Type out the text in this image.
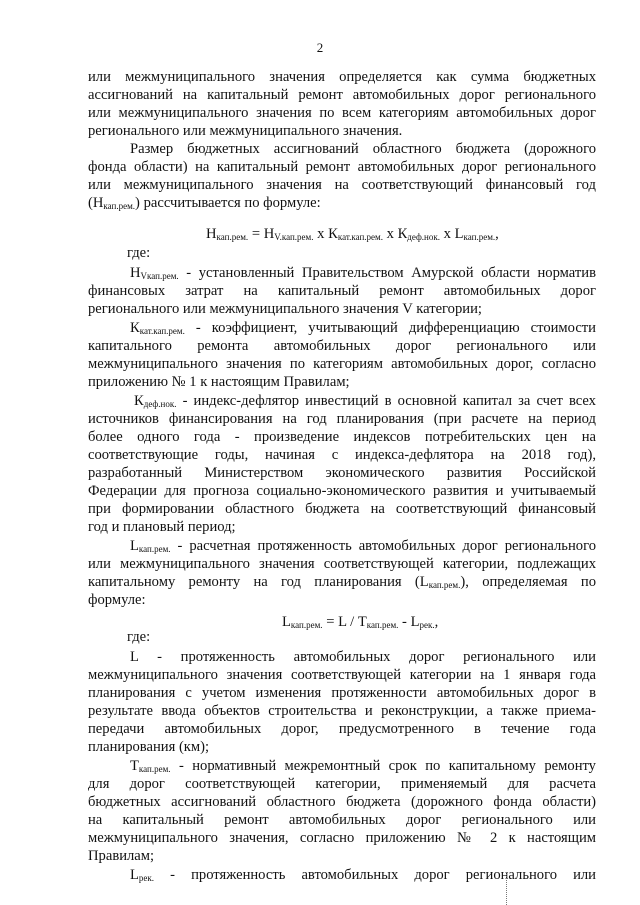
2
или межмуниципального значения определяется как сумма бюджетных
ассигнований на капитальный ремонт автомобильных дорог регионального
или межмуниципального значения по всем категориям автомобильных дорог
регионального или межмуниципального значения.
Размер бюджетных ассигнований областного бюджета (дорожного
фонда области) на капитальный ремонт автомобильных дорог регионального
или межмуниципального значения на соответствующий финансовый год
$(Н_{кап.рем.})$ рассчитывается по формуле:
$Н_{кап.рем.} = Н_{V.кап.рем.}$ х $К_{кат.кап.рем.}$ х $К_{деф.нок.}$ х $L_{кап.рем.}$,
где:
$Н_{Vкап.рем.}$ - установленный Правительством Амурской области норматив
финансовых затрат на капитальный ремонт автомобильных дорог
регионального или межмуниципального значения V категории;
$К_{кат.кап.рем.}$ - коэффициент, учитывающий дифференциацию стоимости
капитального ремонта автомобильных дорог регионального или
межмуниципального значения по категориям автомобильных дорог, согласно
приложению № 1 к настоящим Правилам;
$К_{деф.нок.}$ - индекс-дефлятор инвестиций в основной капитал за счет всех
источников финансирования на год планирования (при расчете на период
более одного года - произведение индексов потребительских цен на
соответствующие годы, начиная с индекса-дефлятора на 2018 год),
разработанный Министерством экономического развития Российской
Федерации для прогноза социально-экономического развития и учитываемый
при формировании областного бюджета на соответствующий финансовый
год и плановый период;
$L_{кап.рем.}$ - расчетная протяженность автомобильных дорог регионального
или межмуниципального значения соответствующей категории, подлежащих
капитальному ремонту на год планирования $(L_{кап.рем.})$, определяемая по
формуле:
$L_{кап.рем.} = L / Т_{кап.рем.} - L_{рек.}$,
где:
L - протяженность автомобильных дорог регионального или
межмуниципального значения соответствующей категории на 1 января года
планирования с учетом изменения протяженности автомобильных дорог в
результате ввода объектов строительства и реконструкции, а также приема-
передачи автомобильных дорог, предусмотренного в течение года
планирования (км);
$Т_{кап.рем.}$ - нормативный межремонтный срок по капитальному ремонту
для дорог соответствующей категории, применяемый для расчета
бюджетных ассигнований областного бюджета (дорожного фонда области)
на капитальный ремонт автомобильных дорог регионального или
межмуниципального значения, согласно приложению № 2 к настоящим
Правилам;
$L_{рек.}$ - протяженность автомобильных дорог регионального или
